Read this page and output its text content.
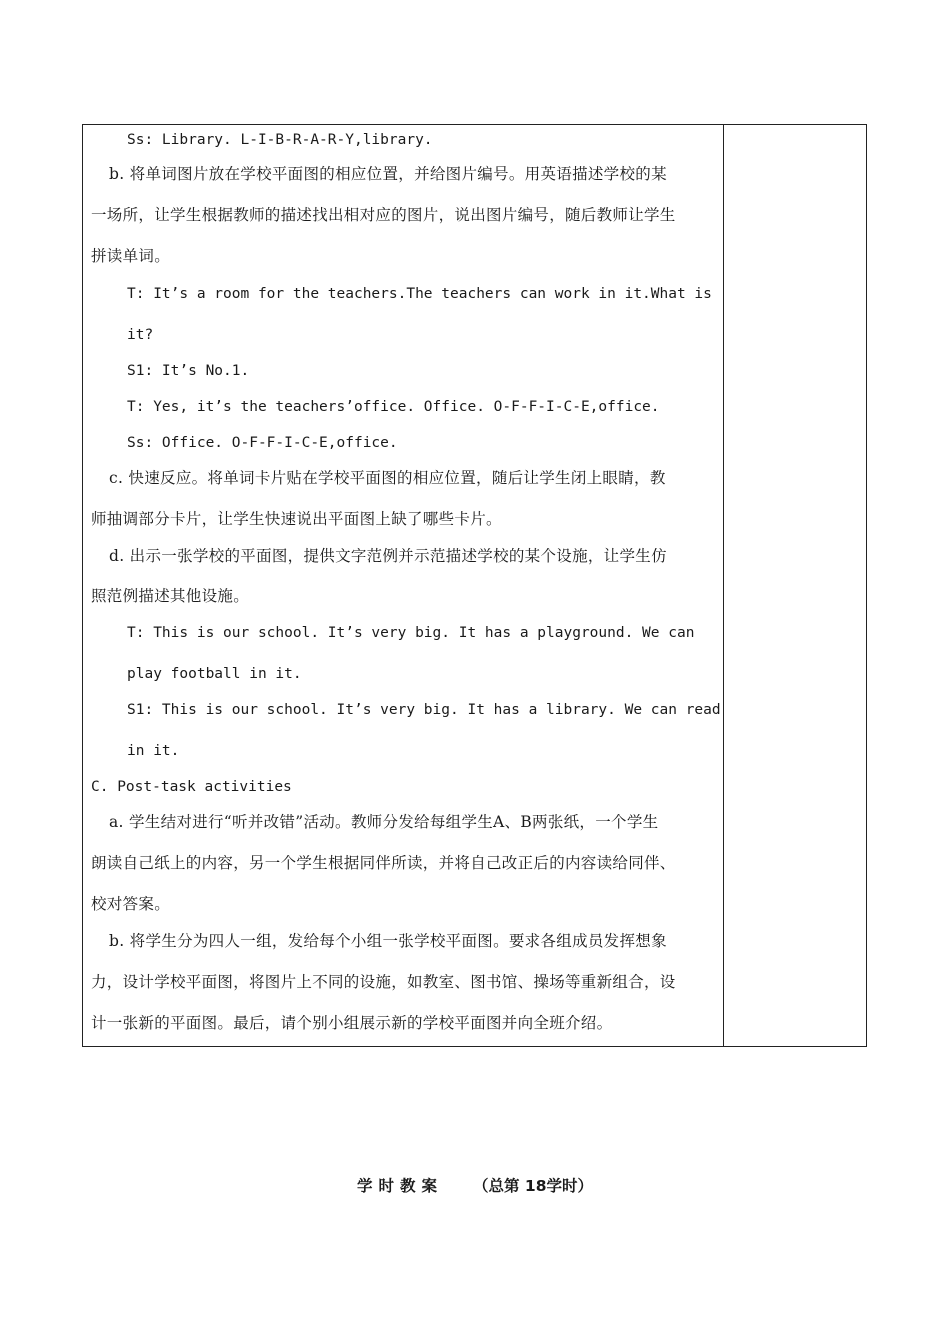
Ss: Library. L-I-B-R-A-R-Y,library.
b. 将单词图片放在学校平面图的相应位置，并给图片编号。用英语描述学校的某
一场所，让学生根据教师的描述找出相对应的图片，说出图片编号，随后教师让学生
拼读单词。
T: It’s a room for the teachers.The teachers can work in it.What is
it?
S1: It’s No.1.
T: Yes, it’s the teachers’office. Office. O-F-F-I-C-E,office.
Ss: Office. O-F-F-I-C-E,office.
c. 快速反应。将单词卡片贴在学校平面图的相应位置，随后让学生闭上眼睛，教
师抽调部分卡片，让学生快速说出平面图上缺了哪些卡片。
d. 出示一张学校的平面图，提供文字范例并示范描述学校的某个设施，让学生仿
照范例描述其他设施。
T: This is our school. It’s very big. It has a playground. We can
play football in it.
S1: This is our school. It’s very big. It has a library. We can read
in it.
C. Post-task activities
a. 学生结对进行“听并改错”活动。教师分发给每组学生A、B两张纸，一个学生
朗读自己纸上的内容，另一个学生根据同伴所读，并将自己改正后的内容读给同伴、
校对答案。
b. 将学生分为四人一组，发给每个小组一张学校平面图。要求各组成员发挥想象
力，设计学校平面图，将图片上不同的设施，如教室、图书馆、操场等重新组合，设
计一张新的平面图。最后，请个别小组展示新的学校平面图并向全班介绍。
学时教案 （总第 18学时）
